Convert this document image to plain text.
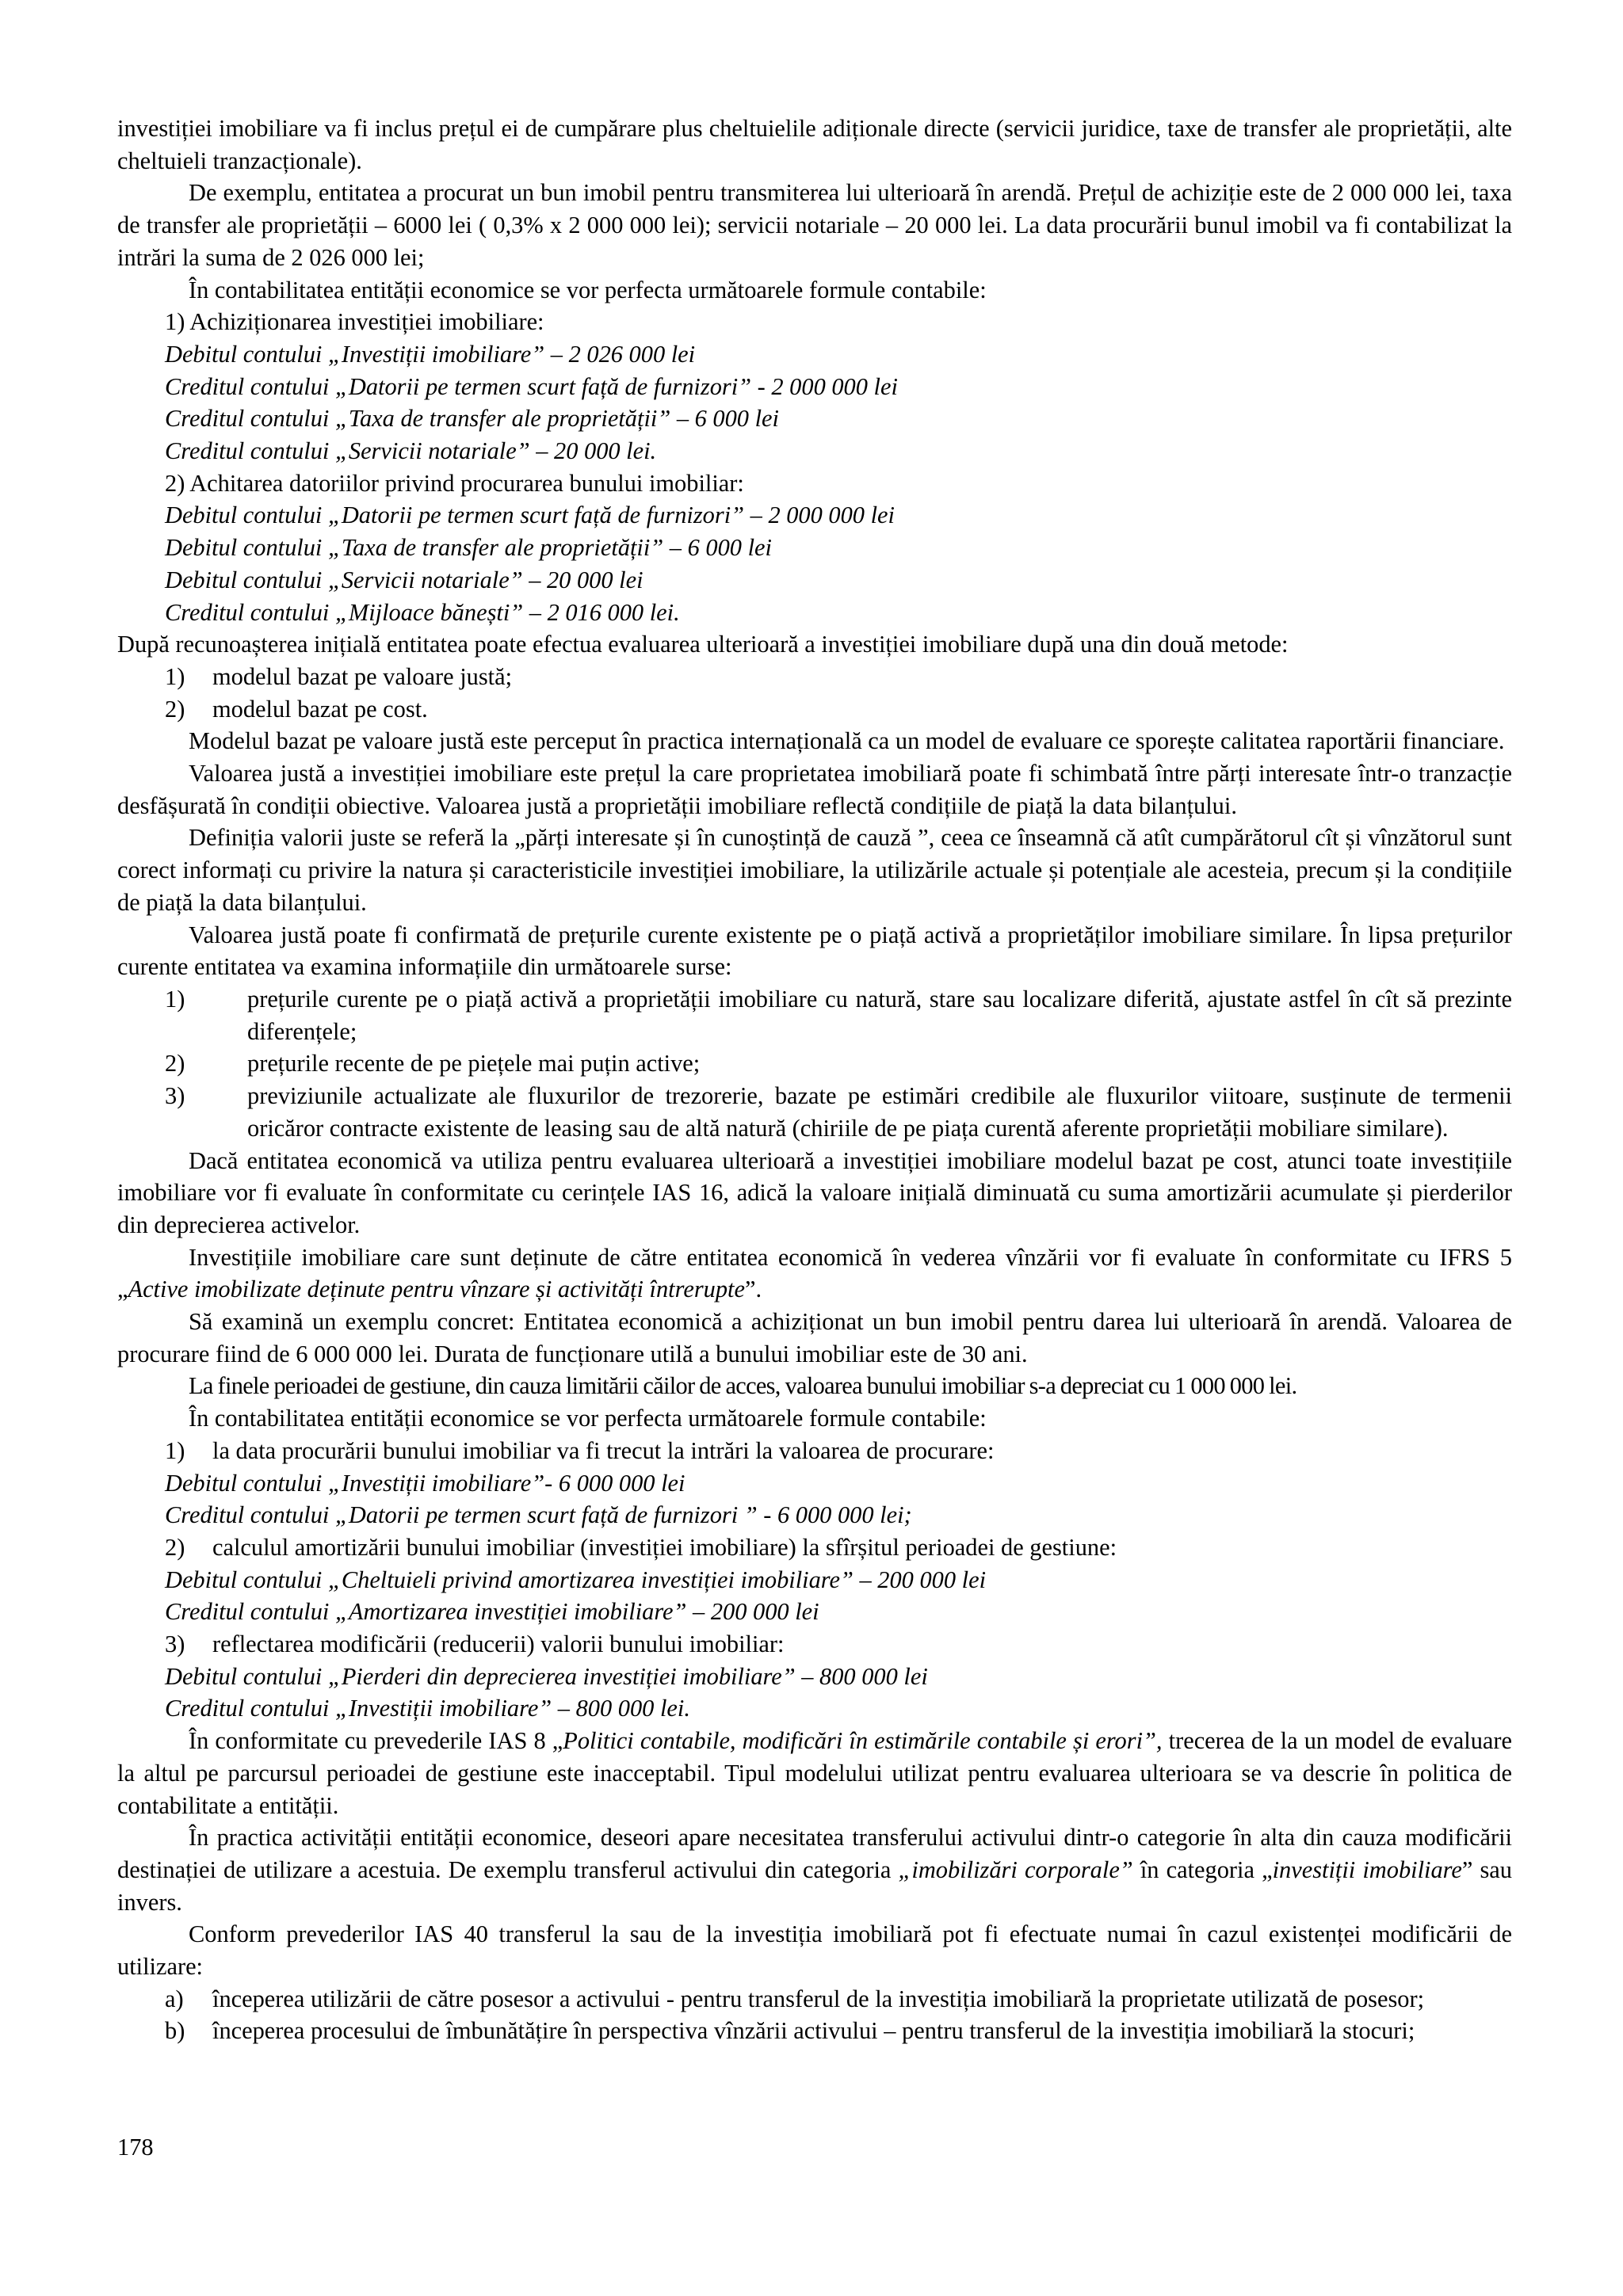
investiției imobiliare va fi inclus prețul ei de cumpărare plus cheltuielile adiționale directe (servicii juridice, taxe de transfer ale proprietății, alte cheltuieli tranzacționale).

De exemplu, entitatea a procurat un bun imobil pentru transmiterea lui ulterioară în arendă. Prețul de achiziție este de 2 000 000 lei, taxa de transfer ale proprietății – 6000 lei ( 0,3% x 2 000 000 lei); servicii notariale – 20 000 lei. La data procurării bunul imobil va fi contabilizat la intrări la suma de 2 026 000 lei;

În contabilitatea entității economice se vor perfecta următoarele formule contabile:

1) Achiziționarea investiției imobiliare:

Debitul contului „Investiții imobiliare” – 2 026 000 lei

Creditul contului „Datorii pe termen scurt față de furnizori” - 2 000 000 lei

Creditul contului „Taxa de transfer ale proprietății” – 6 000 lei

Creditul contului „Servicii notariale” – 20 000 lei.

2) Achitarea datoriilor privind procurarea bunului imobiliar:

Debitul contului „Datorii pe termen scurt față de furnizori” – 2 000 000 lei

Debitul contului „Taxa de transfer ale proprietății” – 6 000 lei

Debitul contului „Servicii notariale” – 20 000 lei

Creditul contului „Mijloace bănești” – 2 016 000 lei.

După recunoașterea inițială entitatea poate efectua evaluarea ulterioară a investiției imobiliare după una din două metode:

1)	modelul bazat pe valoare justă;
2)	modelul bazat pe cost.

Modelul bazat pe valoare justă este perceput în practica internațională ca un model de evaluare ce sporește calitatea raportării financiare.

Valoarea justă a investiției imobiliare este prețul la care proprietatea imobiliară poate fi schimbată între părți interesate într-o tranzacție desfășurată în condiții obiective. Valoarea justă a proprietății imobiliare reflectă condițiile de piață la data bilanțului.

Definiția valorii juste se referă la „părți interesate și în cunoștință de cauză ”, ceea ce înseamnă că atît cumpărătorul cît și vînzătorul sunt corect informați cu privire la natura și caracteristicile investiției imobiliare, la utilizările actuale și potențiale ale acesteia, precum și la condițiile de piață la data bilanțului.

Valoarea justă poate fi confirmată de prețurile curente existente pe o piață activă a proprietăților imobiliare similare. În lipsa prețurilor curente entitatea va examina informațiile din următoarele surse:

1)	prețurile curente pe o piață activă a proprietății imobiliare cu natură, stare sau localizare diferită, ajustate astfel în cît să prezinte diferențele;
2)	prețurile recente de pe piețele mai puțin active;
3)	previziunile actualizate ale fluxurilor de trezorerie, bazate pe estimări credibile ale fluxurilor viitoare, susținute de termenii oricăror contracte existente de leasing sau de altă natură (chiriile de pe piața curentă aferente proprietății mobiliare similare).

Dacă entitatea economică va utiliza pentru evaluarea ulterioară a investiției imobiliare modelul bazat pe cost, atunci toate investițiile imobiliare vor fi evaluate în conformitate cu cerințele IAS 16, adică la valoare inițială diminuată cu suma amortizării acumulate și pierderilor din deprecierea activelor.

Investițiile imobiliare care sunt deținute de către entitatea economică în vederea vînzării vor fi evaluate în conformitate cu IFRS 5 „Active imobilizate deținute pentru vînzare și activități întrerupte”.

Să examină un exemplu concret: Entitatea economică a achiziționat un bun imobil pentru darea lui ulterioară în arendă. Valoarea de procurare fiind de 6 000 000 lei. Durata de funcționare utilă a bunului imobiliar este de 30 ani.

La finele perioadei de gestiune, din cauza limitării căilor de acces, valoarea bunului imobiliar s-a depreciat cu 1 000 000 lei.

În contabilitatea entității economice se vor perfecta următoarele formule contabile:

1)	la data procurării bunului imobiliar va fi trecut la intrări la valoarea de procurare:

Debitul contului „Investiții imobiliare”- 6 000 000 lei

Creditul contului „Datorii pe termen scurt față de furnizori ” - 6 000 000 lei;

2)	calculul amortizării bunului imobiliar (investiției imobiliare) la sfîrșitul perioadei de gestiune:

Debitul contului „Cheltuieli privind amortizarea investiției imobiliare” – 200 000 lei

Creditul contului „Amortizarea investiției imobiliare” – 200 000 lei

3)	reflectarea modificării (reducerii) valorii bunului imobiliar:

Debitul contului „Pierderi din deprecierea investiției imobiliare” – 800 000 lei

Creditul contului „Investiții imobiliare” – 800 000 lei.

În conformitate cu prevederile IAS 8 „Politici contabile, modificări în estimările contabile și erori”, trecerea de la un model de evaluare la altul pe parcursul perioadei de gestiune este inacceptabil. Tipul modelului utilizat pentru evaluarea ulterioara se va descrie în politica de contabilitate a entității.

În practica activității entității economice, deseori apare necesitatea transferului activului dintr-o categorie în alta din cauza modificării destinației de utilizare a acestuia. De exemplu transferul activului din categoria „imobilizări corporale” în categoria „investiții imobiliare” sau invers.

Conform prevederilor IAS 40 transferul la sau de la investiția imobiliară pot fi efectuate numai în cazul existenței modificării de utilizare:

a)	începerea utilizării de către posesor a activului - pentru transferul de la investiția imobiliară la proprietate utilizată de posesor;
b)	începerea procesului de îmbunătățire în perspectiva vînzării activului – pentru transferul de la investiția imobiliară la stocuri;
178
